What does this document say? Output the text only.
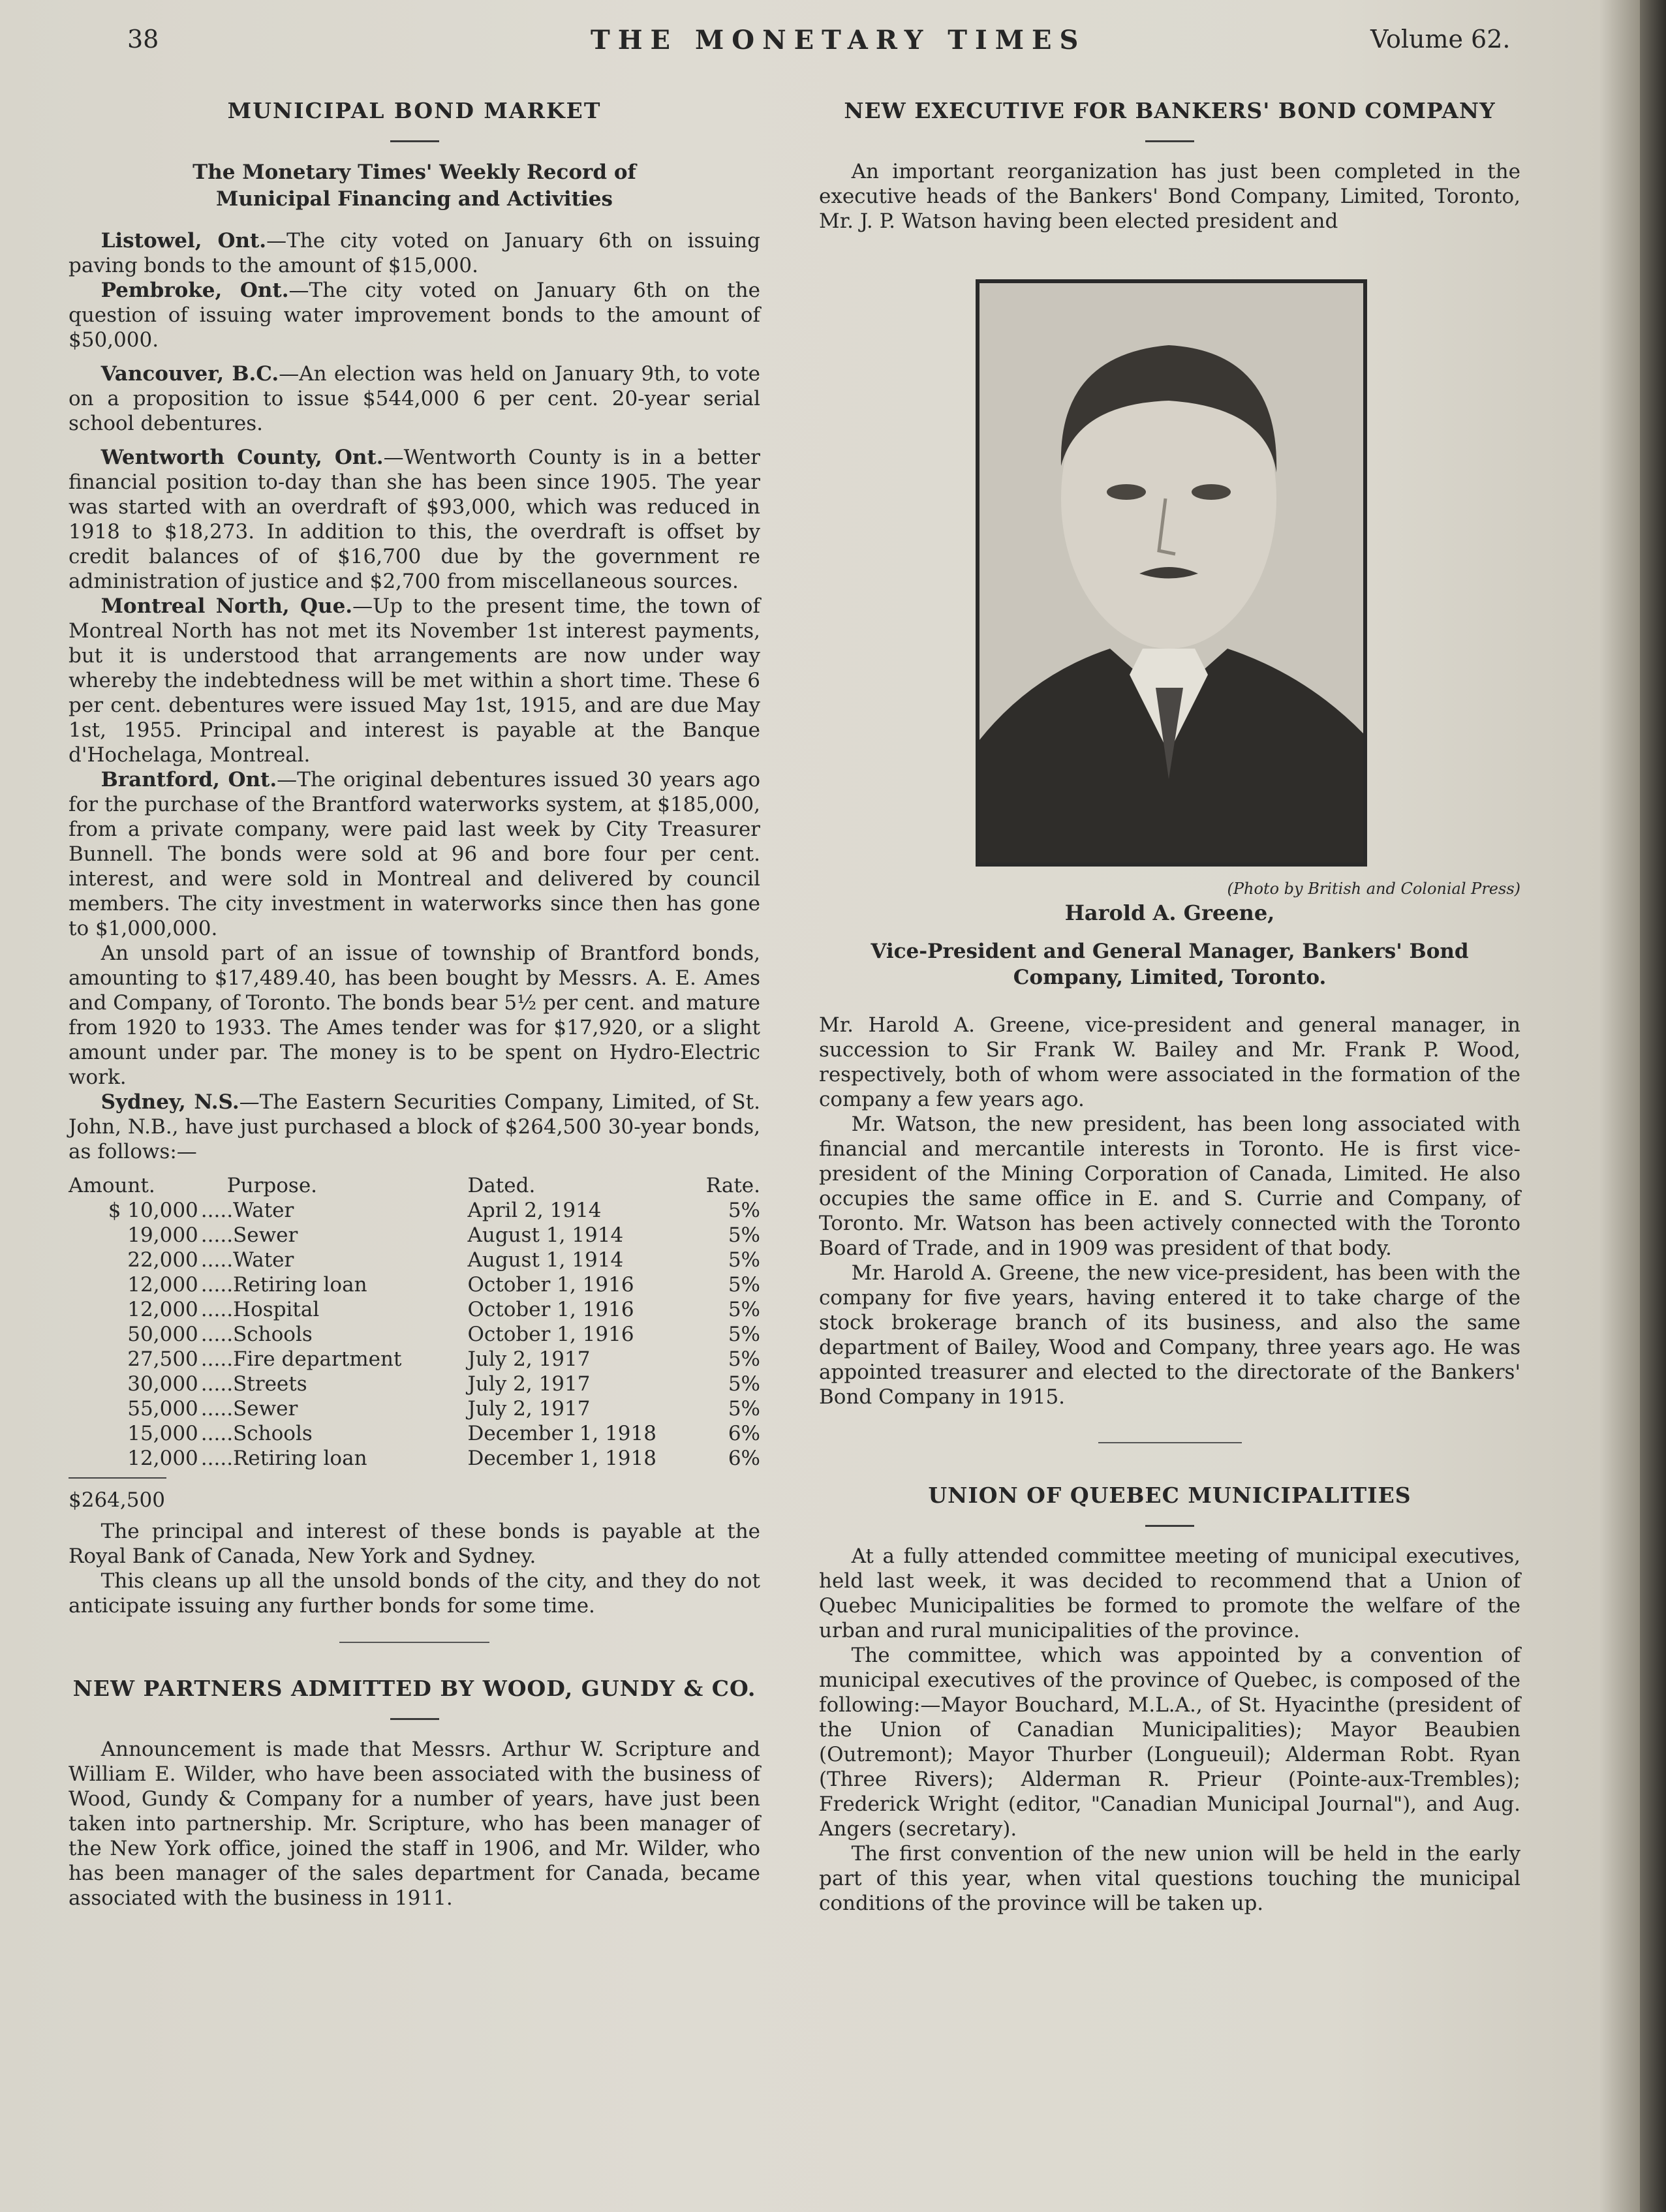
38	THE MONETARY TIMES	Volume 62.
MUNICIPAL BOND MARKET
The Monetary Times' Weekly Record of Municipal Financing and Activities

Listowel, Ont.—The city voted on January 6th on issuing paving bonds to the amount of $15,000.

Pembroke, Ont.—The city voted on January 6th on the question of issuing water improvement bonds to the amount of $50,000.

Vancouver, B.C.—An election was held on January 9th, to vote on a proposition to issue $544,000 6 per cent. 20-year serial school debentures.

Wentworth County, Ont.—Wentworth County is in a better financial position to-day than she has been since 1905. The year was started with an overdraft of $93,000, which was reduced in 1918 to $18,273. In addition to this, the overdraft is offset by credit balances of of $16,700 due by the government re administration of justice and $2,700 from miscellaneous sources.

Montreal North, Que.—Up to the present time, the town of Montreal North has not met its November 1st interest payments, but it is understood that arrangements are now under way whereby the indebtedness will be met within a short time. These 6 per cent. debentures were issued May 1st, 1915, and are due May 1st, 1955. Principal and interest is payable at the Banque d'Hochelaga, Montreal.

Brantford, Ont.—The original debentures issued 30 years ago for the purchase of the Brantford waterworks system, at $185,000, from a private company, were paid last week by City Treasurer Bunnell. The bonds were sold at 96 and bore four per cent. interest, and were sold in Montreal and delivered by council members. The city investment in waterworks since then has gone to $1,000,000.

An unsold part of an issue of township of Brantford bonds, amounting to $17,489.40, has been bought by Messrs. A. E. Ames and Company, of Toronto. The bonds bear 5½ per cent. and mature from 1920 to 1933. The Ames tender was for $17,920, or a slight amount under par. The money is to be spent on Hydro-Electric work.

Sydney, N.S.—The Eastern Securities Company, Limited, of St. John, N.B., have just purchased a block of $264,500 30-year bonds, as follows:—

Amount.	Purpose.	Dated.	Rate.
$ 10,000	.....Water	April 2, 1914	5%
19,000	.....Sewer	August 1, 1914	5%
22,000	.....Water	August 1, 1914	5%
12,000	.....Retiring loan	October 1, 1916	5%
12,000	.....Hospital	October 1, 1916	5%
50,000	.....Schools	October 1, 1916	5%
27,500	.....Fire department	July 2, 1917	5%
30,000	.....Streets	July 2, 1917	5%
55,000	.....Sewer	July 2, 1917	5%
15,000	.....Schools	December 1, 1918	6%
12,000	.....Retiring loan	December 1, 1918	6%
$264,500

The principal and interest of these bonds is payable at the Royal Bank of Canada, New York and Sydney.

This cleans up all the unsold bonds of the city, and they do not anticipate issuing any further bonds for some time.

NEW PARTNERS ADMITTED BY WOOD, GUNDY & CO.

Announcement is made that Messrs. Arthur W. Scripture and William E. Wilder, who have been associated with the business of Wood, Gundy & Company for a number of years, have just been taken into partnership. Mr. Scripture, who has been manager of the New York office, joined the staff in 1906, and Mr. Wilder, who has been manager of the sales department for Canada, became associated with the business in 1911.

NEW EXECUTIVE FOR BANKERS' BOND COMPANY

An important reorganization has just been completed in the executive heads of the Bankers' Bond Company, Limited, Toronto, Mr. J. P. Watson having been elected president and

(Photo by British and Colonial Press)
Harold A. Greene,
Vice-President and General Manager, Bankers' Bond Company, Limited, Toronto.

Mr. Harold A. Greene, vice-president and general manager, in succession to Sir Frank W. Bailey and Mr. Frank P. Wood, respectively, both of whom were associated in the formation of the company a few years ago.

Mr. Watson, the new president, has been long associated with financial and mercantile interests in Toronto. He is first vice-president of the Mining Corporation of Canada, Limited. He also occupies the same office in E. and S. Currie and Company, of Toronto. Mr. Watson has been actively connected with the Toronto Board of Trade, and in 1909 was president of that body.

Mr. Harold A. Greene, the new vice-president, has been with the company for five years, having entered it to take charge of the stock brokerage branch of its business, and also the same department of Bailey, Wood and Company, three years ago. He was appointed treasurer and elected to the directorate of the Bankers' Bond Company in 1915.

UNION OF QUEBEC MUNICIPALITIES

At a fully attended committee meeting of municipal executives, held last week, it was decided to recommend that a Union of Quebec Municipalities be formed to promote the welfare of the urban and rural municipalities of the province.

The committee, which was appointed by a convention of municipal executives of the province of Quebec, is composed of the following:—Mayor Bouchard, M.L.A., of St. Hyacinthe (president of the Union of Canadian Municipalities); Mayor Beaubien (Outremont); Mayor Thurber (Longueuil); Alderman Robt. Ryan (Three Rivers); Alderman R. Prieur (Pointe-aux-Trembles); Frederick Wright (editor, "Canadian Municipal Journal"), and Aug. Angers (secretary).

The first convention of the new union will be held in the early part of this year, when vital questions touching the municipal conditions of the province will be taken up.
